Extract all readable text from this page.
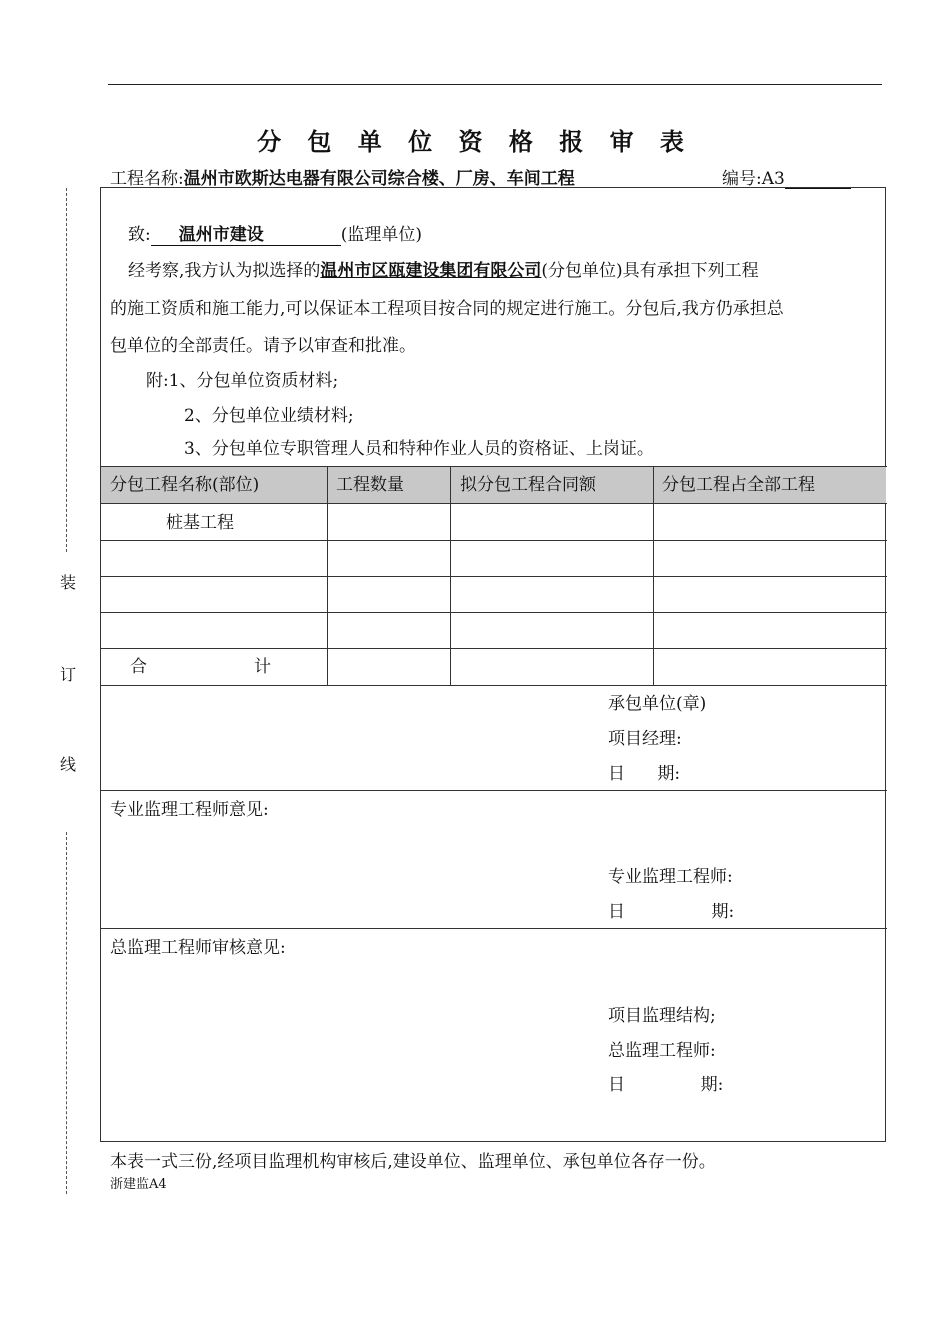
分 包 单 位 资 格 报 审 表
工程名称:温州市欧斯达电器有限公司综合楼、厂房、车间工程	编号:A3
装
订
线
致: 温州市建设	(监理单位)
经考察,我方认为拟选择的温州市区瓯建设集团有限公司(分包单位)具有承担下列工程
的施工资质和施工能力,可以保证本工程项目按合同的规定进行施工。分包后,我方仍承担总
包单位的全部责任。请予以审查和批准。
附:1、分包单位资质材料;
2、分包单位业绩材料;
3、分包单位专职管理人员和特种作业人员的资格证、上岗证。
分包工程名称(部位)	工程数量	拟分包工程合同额	分包工程占全部工程
桩基工程
合	计
承包单位(章)
项目经理:
日      期:
专业监理工程师意见:
专业监理工程师:
日                期:
总监理工程师审核意见:
项目监理结构;
总监理工程师:
日              期:
本表一式三份,经项目监理机构审核后,建设单位、监理单位、承包单位各存一份。
浙建监A4
